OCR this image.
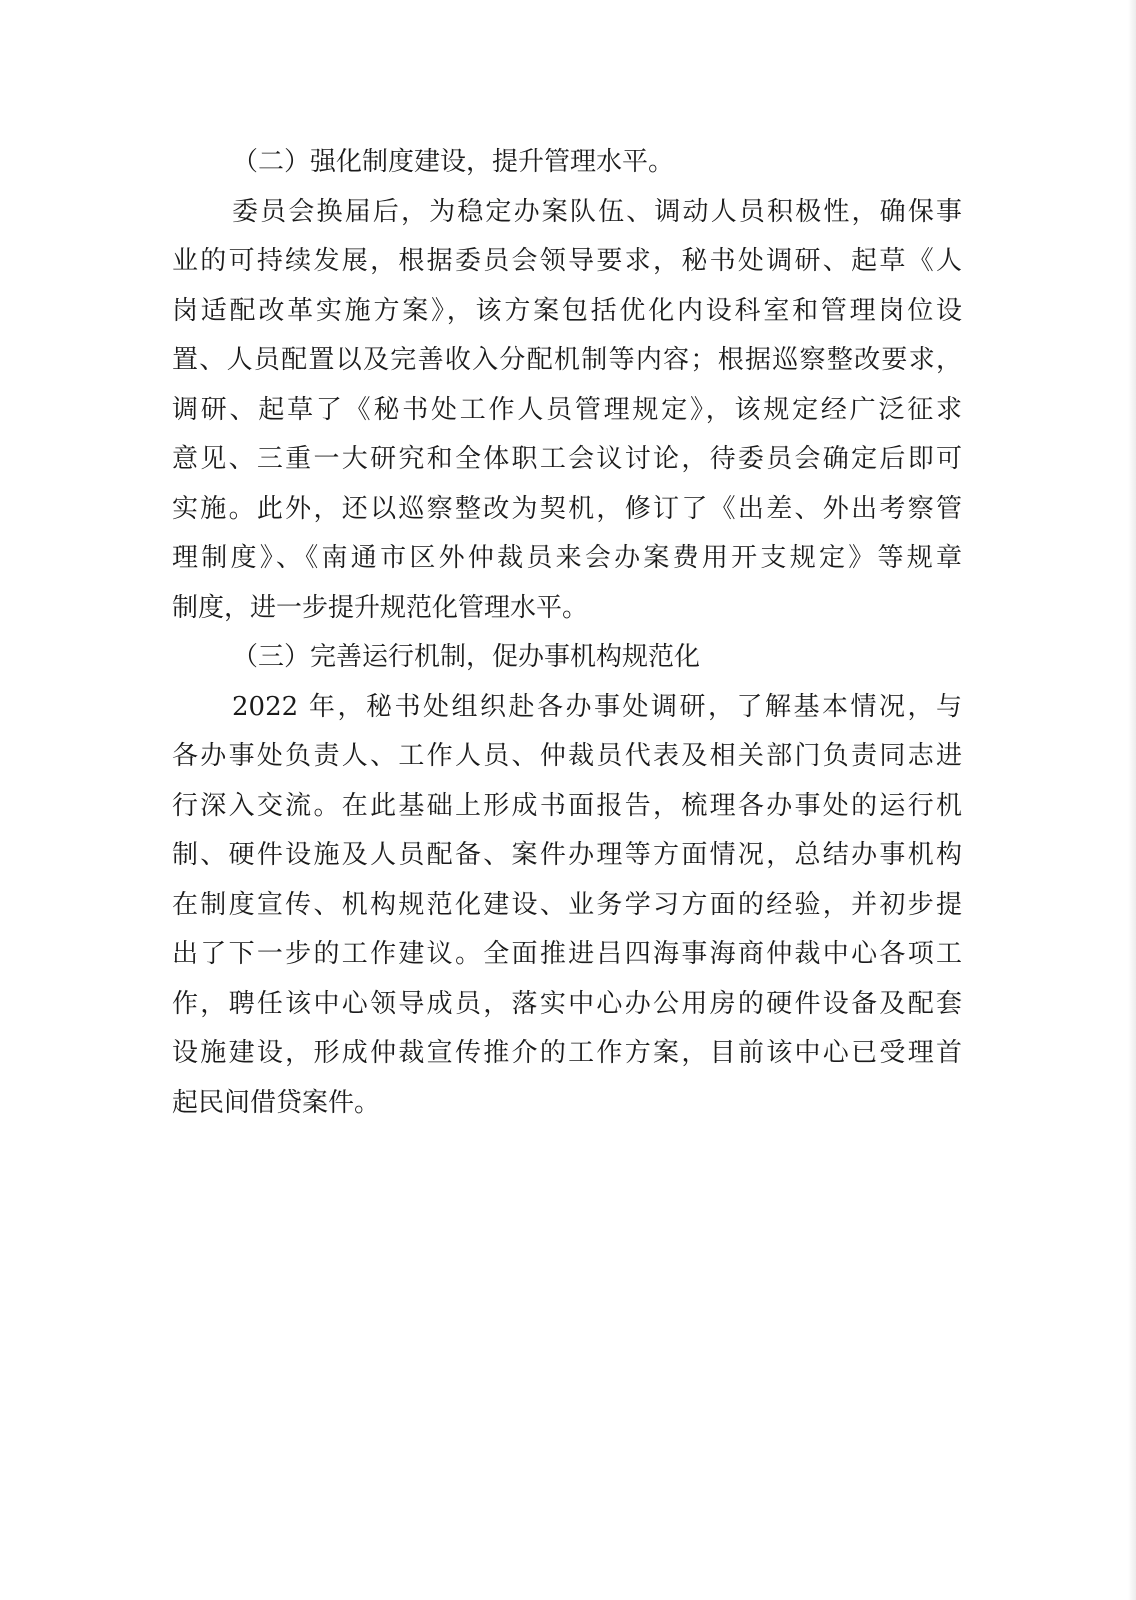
（二）强化制度建设，提升管理水平。
委员会换届后，为稳定办案队伍、调动人员积极性，确保事
业的可持续发展，根据委员会领导要求，秘书处调研、起草《人
岗适配改革实施方案》，该方案包括优化内设科室和管理岗位设
置、人员配置以及完善收入分配机制等内容；根据巡察整改要求，
调研、起草了《秘书处工作人员管理规定》，该规定经广泛征求
意见、三重一大研究和全体职工会议讨论，待委员会确定后即可
实施。此外，还以巡察整改为契机，修订了《出差、外出考察管
理制度》、《南通市区外仲裁员来会办案费用开支规定》等规章
制度，进一步提升规范化管理水平。
（三）完善运行机制，促办事机构规范化
2022 年，秘书处组织赴各办事处调研，了解基本情况，与
各办事处负责人、工作人员、仲裁员代表及相关部门负责同志进
行深入交流。在此基础上形成书面报告，梳理各办事处的运行机
制、硬件设施及人员配备、案件办理等方面情况，总结办事机构
在制度宣传、机构规范化建设、业务学习方面的经验，并初步提
出了下一步的工作建议。全面推进吕四海事海商仲裁中心各项工
作，聘任该中心领导成员，落实中心办公用房的硬件设备及配套
设施建设，形成仲裁宣传推介的工作方案，目前该中心已受理首
起民间借贷案件。
